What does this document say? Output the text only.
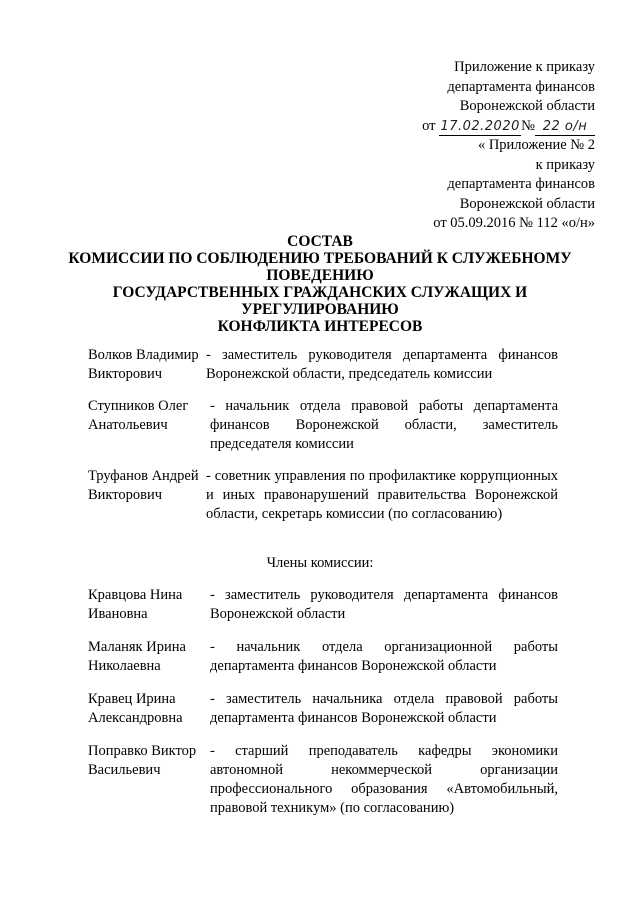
Приложение к приказу
департамента финансов
Воронежской области
от 17.02.2020№ 22 о/н
« Приложение № 2
к приказу
департамента финансов
Воронежской области
от 05.09.2016 № 112 «о/н»
СОСТАВ
КОМИССИИ ПО СОБЛЮДЕНИЮ ТРЕБОВАНИЙ К СЛУЖЕБНОМУ
ПОВЕДЕНИЮ
ГОСУДАРСТВЕННЫХ ГРАЖДАНСКИХ СЛУЖАЩИХ И
УРЕГУЛИРОВАНИЮ
КОНФЛИКТА ИНТЕРЕСОВ
Волков Владимир Викторович
- заместитель руководителя департамента финансов Воронежской области, председатель комиссии
Ступников Олег Анатольевич
- начальник отдела правовой работы департамента финансов Воронежской области, заместитель председателя комиссии
Труфанов Андрей Викторович
- советник управления по профилактике коррупционных и иных правонарушений правительства Воронежской области, секретарь комиссии (по согласованию)
Члены комиссии:
Кравцова Нина Ивановна
- заместитель руководителя департамента финансов Воронежской области
Маланяк Ирина Николаевна
- начальник отдела организационной работы департамента финансов Воронежской области
Кравец Ирина Александровна
- заместитель начальника отдела правовой работы департамента финансов Воронежской области
Поправко Виктор Васильевич
- старший преподаватель кафедры экономики автономной некоммерческой организации профессионального образования «Автомобильный, правовой техникум» (по согласованию)
